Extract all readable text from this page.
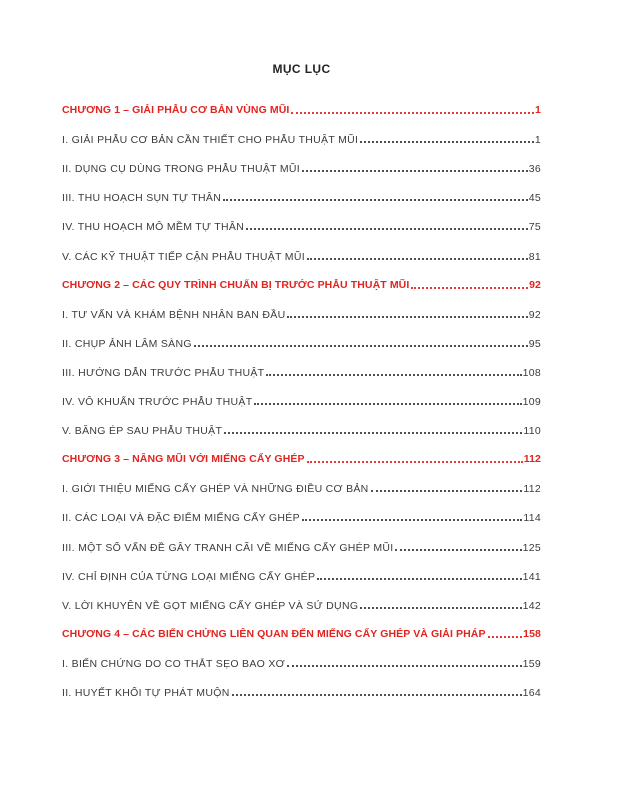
MỤC LỤC
CHƯƠNG 1 – GIẢI PHẪU CƠ BẢN VÙNG MŨI	1
I. GIẢI PHẪU CƠ BẢN CẦN THIẾT CHO PHẪU THUẬT MŨI	1
II. DỤNG CỤ DÙNG TRONG PHẪU THUẬT MŨI	36
III. THU HOẠCH SỤN TỰ THÂN	45
IV. THU HOẠCH MÔ MỀM TỰ THÂN	75
V. CÁC KỸ THUẬT TIẾP CẬN PHẪU THUẬT MŨI	81
CHƯƠNG 2 – CÁC QUY TRÌNH CHUẨN BỊ TRƯỚC PHẪU THUẬT MŨI	92
I. TƯ VẤN VÀ KHÁM BỆNH NHÂN BAN ĐẦU	92
II. CHỤP ẢNH LÂM SÀNG	95
III. HƯỚNG DẪN TRƯỚC PHẪU THUẬT	108
IV. VÔ KHUẨN TRƯỚC PHẪU THUẬT	109
V. BĂNG ÉP SAU PHẪU THUẬT	110
CHƯƠNG 3 – NÂNG MŨI VỚI MIẾNG CẤY GHÉP	112
I. GIỚI THIỆU MIẾNG CẤY GHÉP VÀ NHỮNG ĐIỀU CƠ BẢN	112
II. CÁC LOẠI VÀ ĐẶC ĐIỂM MIẾNG CẤY GHÉP	114
III. MỘT SỐ VẤN ĐỀ GÂY TRANH CÃI VỀ MIẾNG CẤY GHÉP MŨI	125
IV. CHỈ ĐỊNH CỦA TỪNG LOẠI MIẾNG CẤY GHÉP	141
V. LỜI KHUYÊN VỀ GỌT MIẾNG CẤY GHÉP VÀ SỬ DỤNG	142
CHƯƠNG 4 – CÁC BIẾN CHỨNG LIÊN QUAN ĐẾN MIẾNG CẤY GHÉP VÀ GIẢI PHÁP	158
I. BIẾN CHỨNG DO CO THẮT SẸO BAO XƠ	159
II. HUYẾT KHỐI TỰ PHÁT MUỘN	164
